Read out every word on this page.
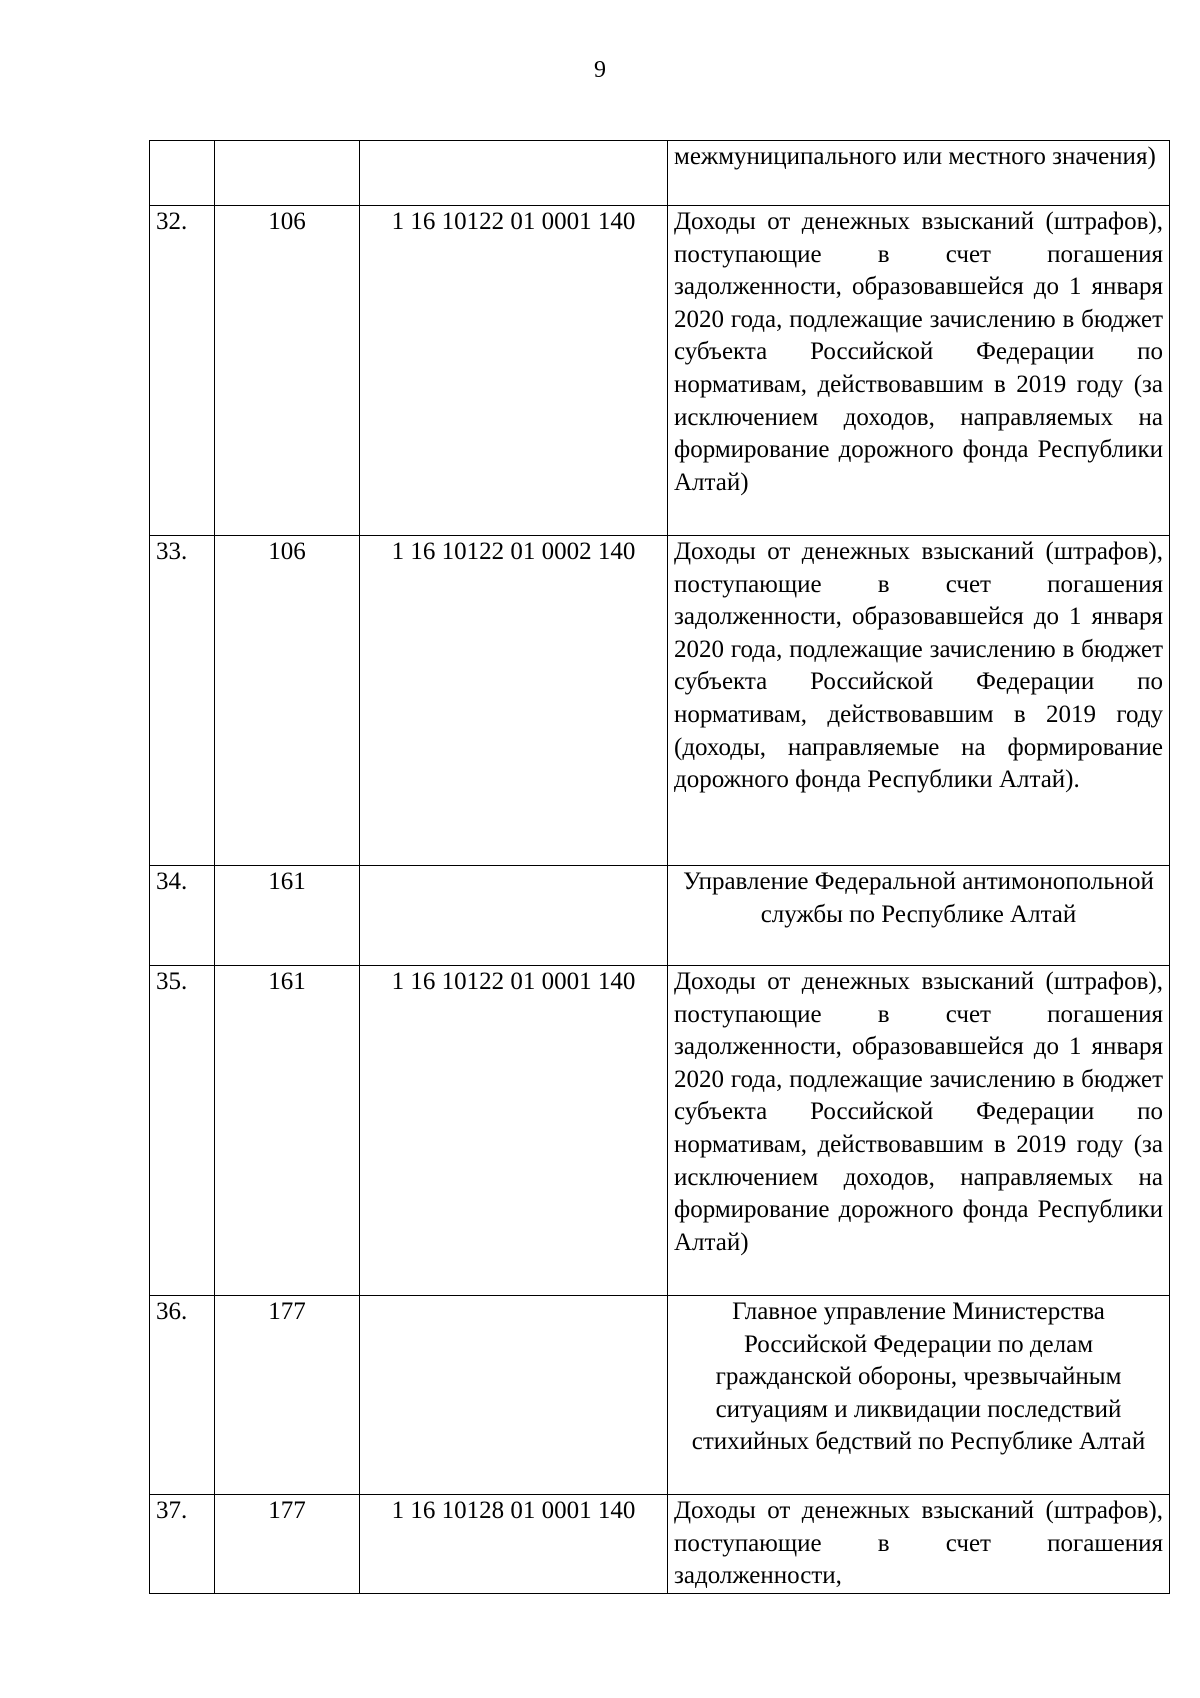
9
			межмуниципального или местного значения)
32.	106	1 16 10122 01 0001 140	Доходы от денежных взысканий (штрафов), поступающие в счет погашения задолженности, образовавшейся до 1 января 2020 года, подлежащие зачислению в бюджет субъекта Российской Федерации по нормативам, действовавшим в 2019 году (за исключением доходов, направляемых на формирование дорожного фонда Республики Алтай)
33.	106	1 16 10122 01 0002 140	Доходы от денежных взысканий (штрафов), поступающие в счет погашения задолженности, образовавшейся до 1 января 2020 года, подлежащие зачислению в бюджет субъекта Российской Федерации по нормативам, действовавшим в 2019 году (доходы, направляемые на формирование дорожного фонда Республики Алтай).
34.	161		Управление Федеральной антимонопольной службы по Республике Алтай
35.	161	1 16 10122 01 0001 140	Доходы от денежных взысканий (штрафов), поступающие в счет погашения задолженности, образовавшейся до 1 января 2020 года, подлежащие зачислению в бюджет субъекта Российской Федерации по нормативам, действовавшим в 2019 году (за исключением доходов, направляемых на формирование дорожного фонда Республики Алтай)
36.	177		Главное управление Министерства Российской Федерации по делам гражданской обороны, чрезвычайным ситуациям и ликвидации последствий стихийных бедствий по Республике Алтай
37.	177	1 16 10128 01 0001 140	Доходы от денежных взысканий (штрафов), поступающие в счет погашения задолженности,
